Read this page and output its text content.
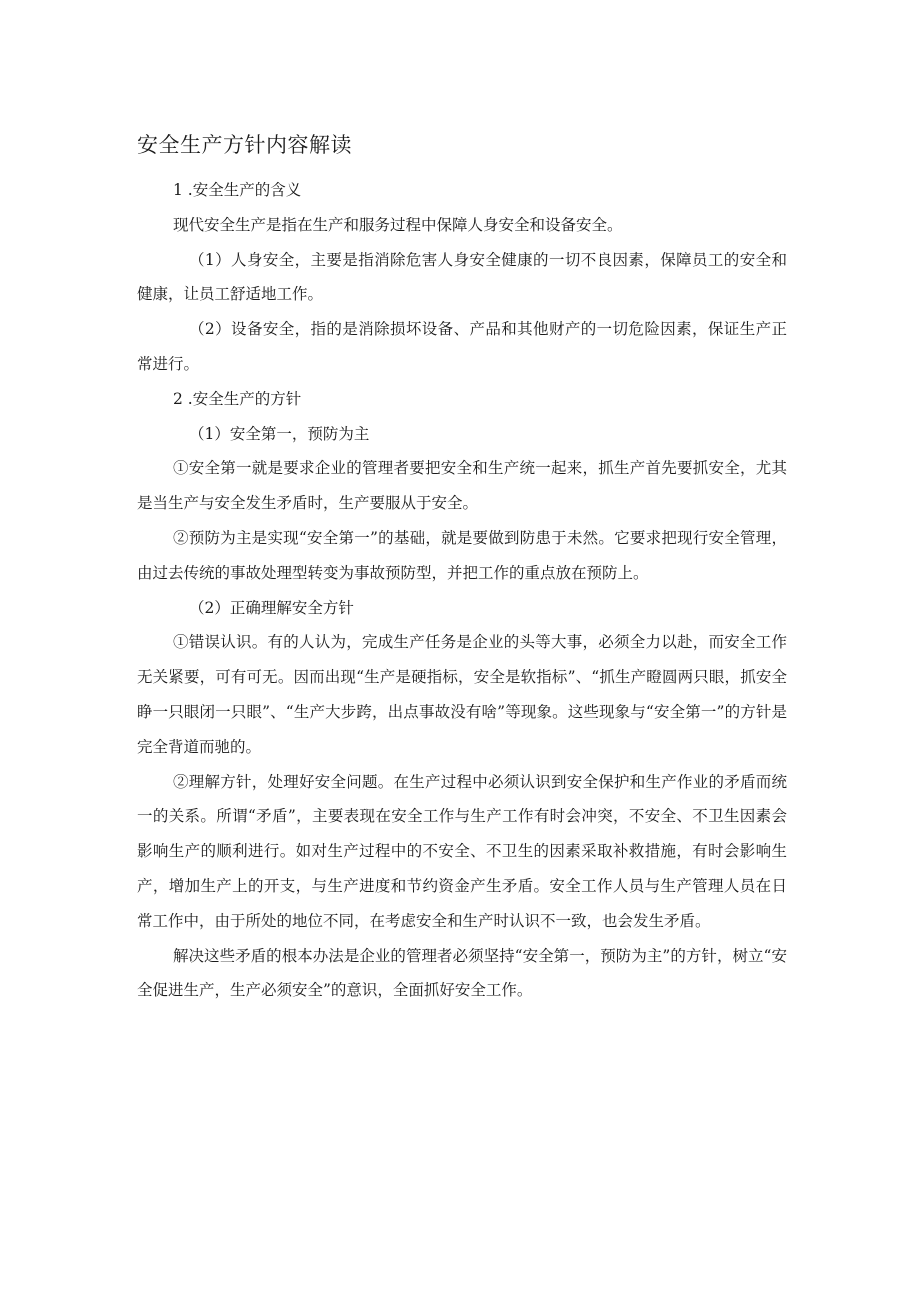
安全生产方针内容解读

1 .安全生产的含义

现代安全生产是指在生产和服务过程中保障人身安全和设备安全。

（1）人身安全，主要是指消除危害人身安全健康的一切不良因素，保障员工的安全和健康，让员工舒适地工作。

（2）设备安全，指的是消除损坏设备、产品和其他财产的一切危险因素，保证生产正常进行。

2 .安全生产的方针

（1）安全第一，预防为主

①安全第一就是要求企业的管理者要把安全和生产统一起来，抓生产首先要抓安全，尤其是当生产与安全发生矛盾时，生产要服从于安全。

②预防为主是实现“安全第一”的基础，就是要做到防患于未然。它要求把现行安全管理，由过去传统的事故处理型转变为事故预防型，并把工作的重点放在预防上。

（2）正确理解安全方针

①错误认识。有的人认为，完成生产任务是企业的头等大事，必须全力以赴，而安全工作无关紧要，可有可无。因而出现“生产是硬指标，安全是软指标”、“抓生产瞪圆两只眼，抓安全睁一只眼闭一只眼”、“生产大步跨，出点事故没有啥”等现象。这些现象与“安全第一”的方针是完全背道而驰的。

②理解方针，处理好安全问题。在生产过程中必须认识到安全保护和生产作业的矛盾而统一的关系。所谓“矛盾”，主要表现在安全工作与生产工作有时会冲突，不安全、不卫生因素会影响生产的顺利进行。如对生产过程中的不安全、不卫生的因素采取补救措施，有时会影响生产，增加生产上的开支，与生产进度和节约资金产生矛盾。安全工作人员与生产管理人员在日常工作中，由于所处的地位不同，在考虑安全和生产时认识不一致，也会发生矛盾。

解决这些矛盾的根本办法是企业的管理者必须坚持“安全第一，预防为主”的方针，树立“安全促进生产，生产必须安全”的意识，全面抓好安全工作。
